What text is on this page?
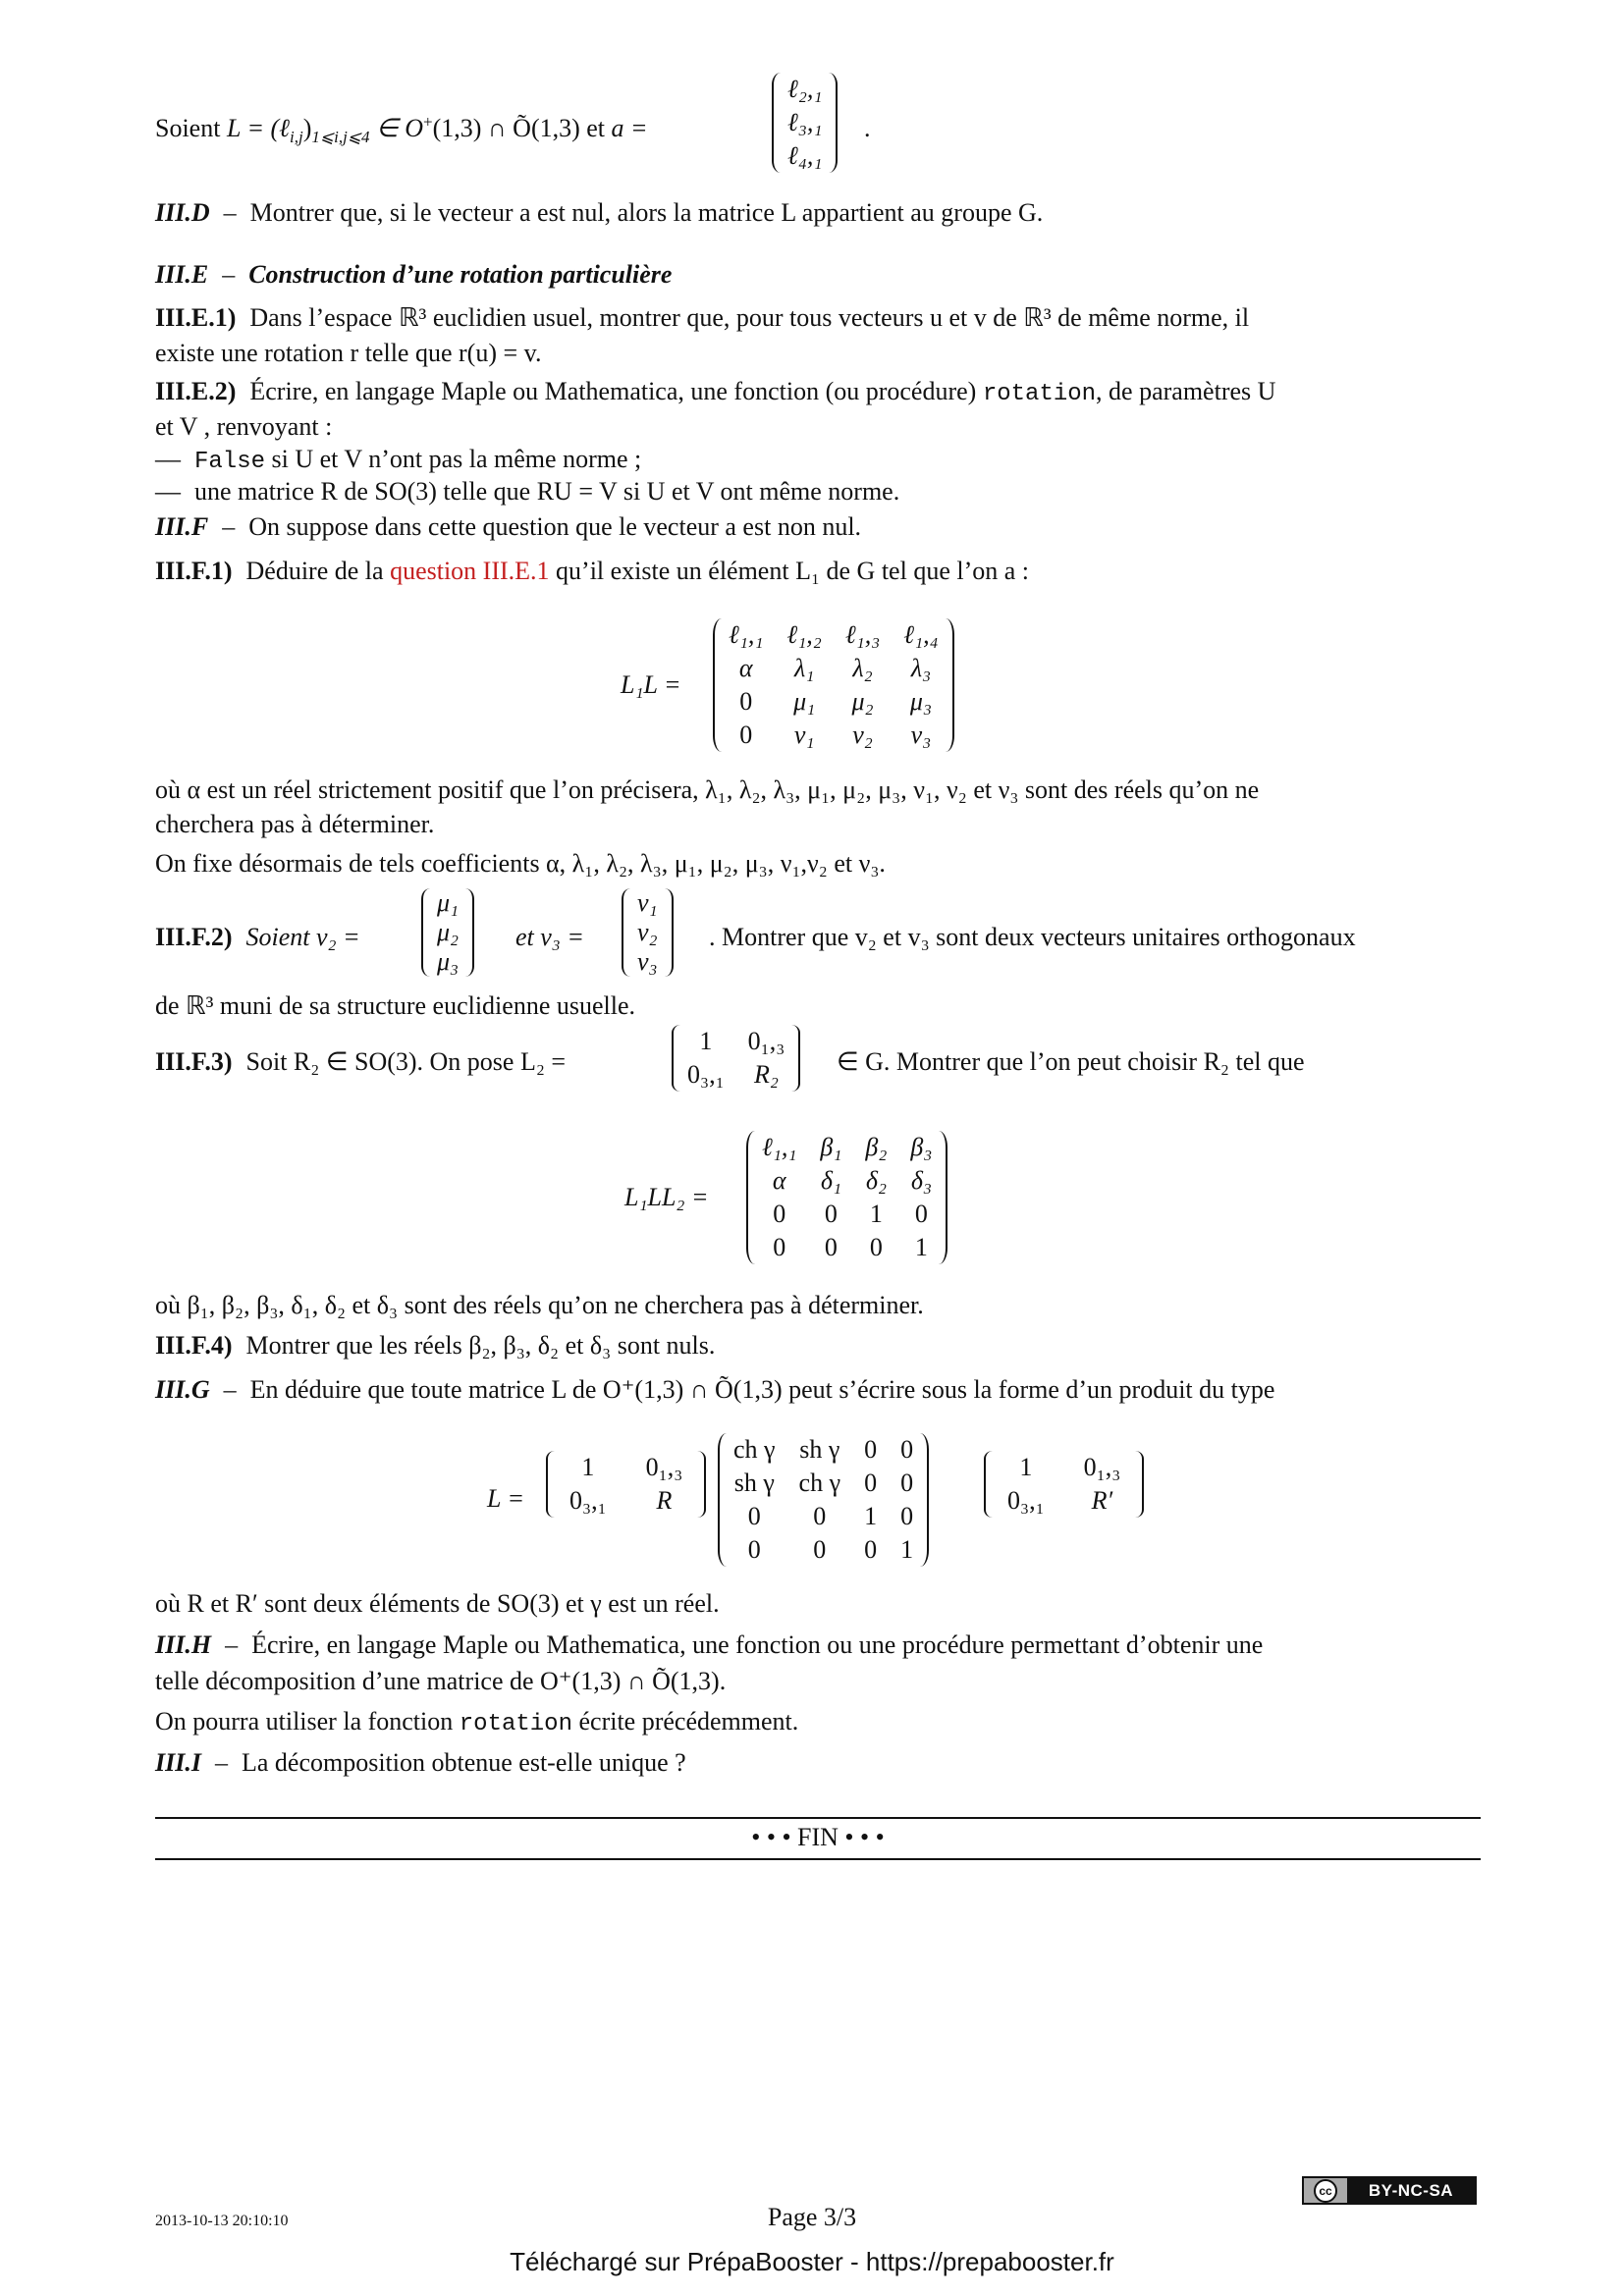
Soient $L = (\ell_{i,j})_{1⩽i,j⩽4}$ ∈ O+(1,3) ∩ Õ(1,3) et a =
ℓ₂,₁
ℓ₃,₁
ℓ₄,₁
.
III.D – Montrer que, si le vecteur a est nul, alors la matrice L appartient au groupe G.
III.E – Construction d’une rotation particulière
III.E.1) Dans l’espace ℝ³ euclidien usuel, montrer que, pour tous vecteurs u et v de ℝ³ de même norme, il
existe une rotation r telle que r(u) = v.
III.E.2) Écrire, en langage Maple ou Mathematica, une fonction (ou procédure) rotation, de paramètres U
et V , renvoyant :
— False si U et V n’ont pas la même norme ;
— une matrice R de SO(3) telle que RU = V si U et V ont même norme.
III.F – On suppose dans cette question que le vecteur a est non nul.
III.F.1) Déduire de la question III.E.1 qu’il existe un élément L₁ de G tel que l’on a :
L₁L =
ℓ₁,₁	ℓ₁,₂	ℓ₁,₃	ℓ₁,₄
α	λ₁	λ₂	λ₃
0	μ₁	μ₂	μ₃
0	ν₁	ν₂	ν₃
où α est un réel strictement positif que l’on précisera, λ₁, λ₂, λ₃, μ₁, μ₂, μ₃, ν₁, ν₂ et ν₃ sont des réels qu’on ne
cherchera pas à déterminer.
On fixe désormais de tels coefficients α, λ₁, λ₂, λ₃, μ₁, μ₂, μ₃, ν₁,ν₂ et ν₃.
III.F.2) Soient v₂ =
μ₁
μ₂
μ₃
et v₃ =
ν₁
ν₂
ν₃
. Montrer que v₂ et v₃ sont deux vecteurs unitaires orthogonaux
de ℝ³ muni de sa structure euclidienne usuelle.
III.F.3) Soit R₂ ∈ SO(3). On pose L₂ =
1	0₁,₃
0₃,₁	R₂ ∈ G. Montrer que l’on peut choisir R₂ tel que
L₁LL₂ =
ℓ₁,₁	β₁	β₂	β₃
α	δ₁	δ₂	δ₃
0	0	1	0
0	0	0	1
où β₁, β₂, β₃, δ₁, δ₂ et δ₃ sont des réels qu’on ne cherchera pas à déterminer.
III.F.4) Montrer que les réels β₂, β₃, δ₂ et δ₃ sont nuls.
III.G – En déduire que toute matrice L de O⁺(1,3) ∩ Õ(1,3) peut s’écrire sous la forme d’un produit du type
L =
1	0₁,₃
0₃,₁	R
ch γ	sh γ	0	0
sh γ	ch γ	0	0
0	0	1	0
0	0	0	1
1	0₁,₃
0₃,₁	R′
où R et R′ sont deux éléments de SO(3) et γ est un réel.
III.H – Écrire, en langage Maple ou Mathematica, une fonction ou une procédure permettant d’obtenir une
telle décomposition d’une matrice de O⁺(1,3) ∩ Õ(1,3).
On pourra utiliser la fonction rotation écrite précédemment.
III.I – La décomposition obtenue est-elle unique ?
• • • FIN • • •
2013-10-13 20:10:10	Page 3/3
cc	BY-NC-SA
Téléchargé sur PrépaBooster - https://prepabooster.fr
